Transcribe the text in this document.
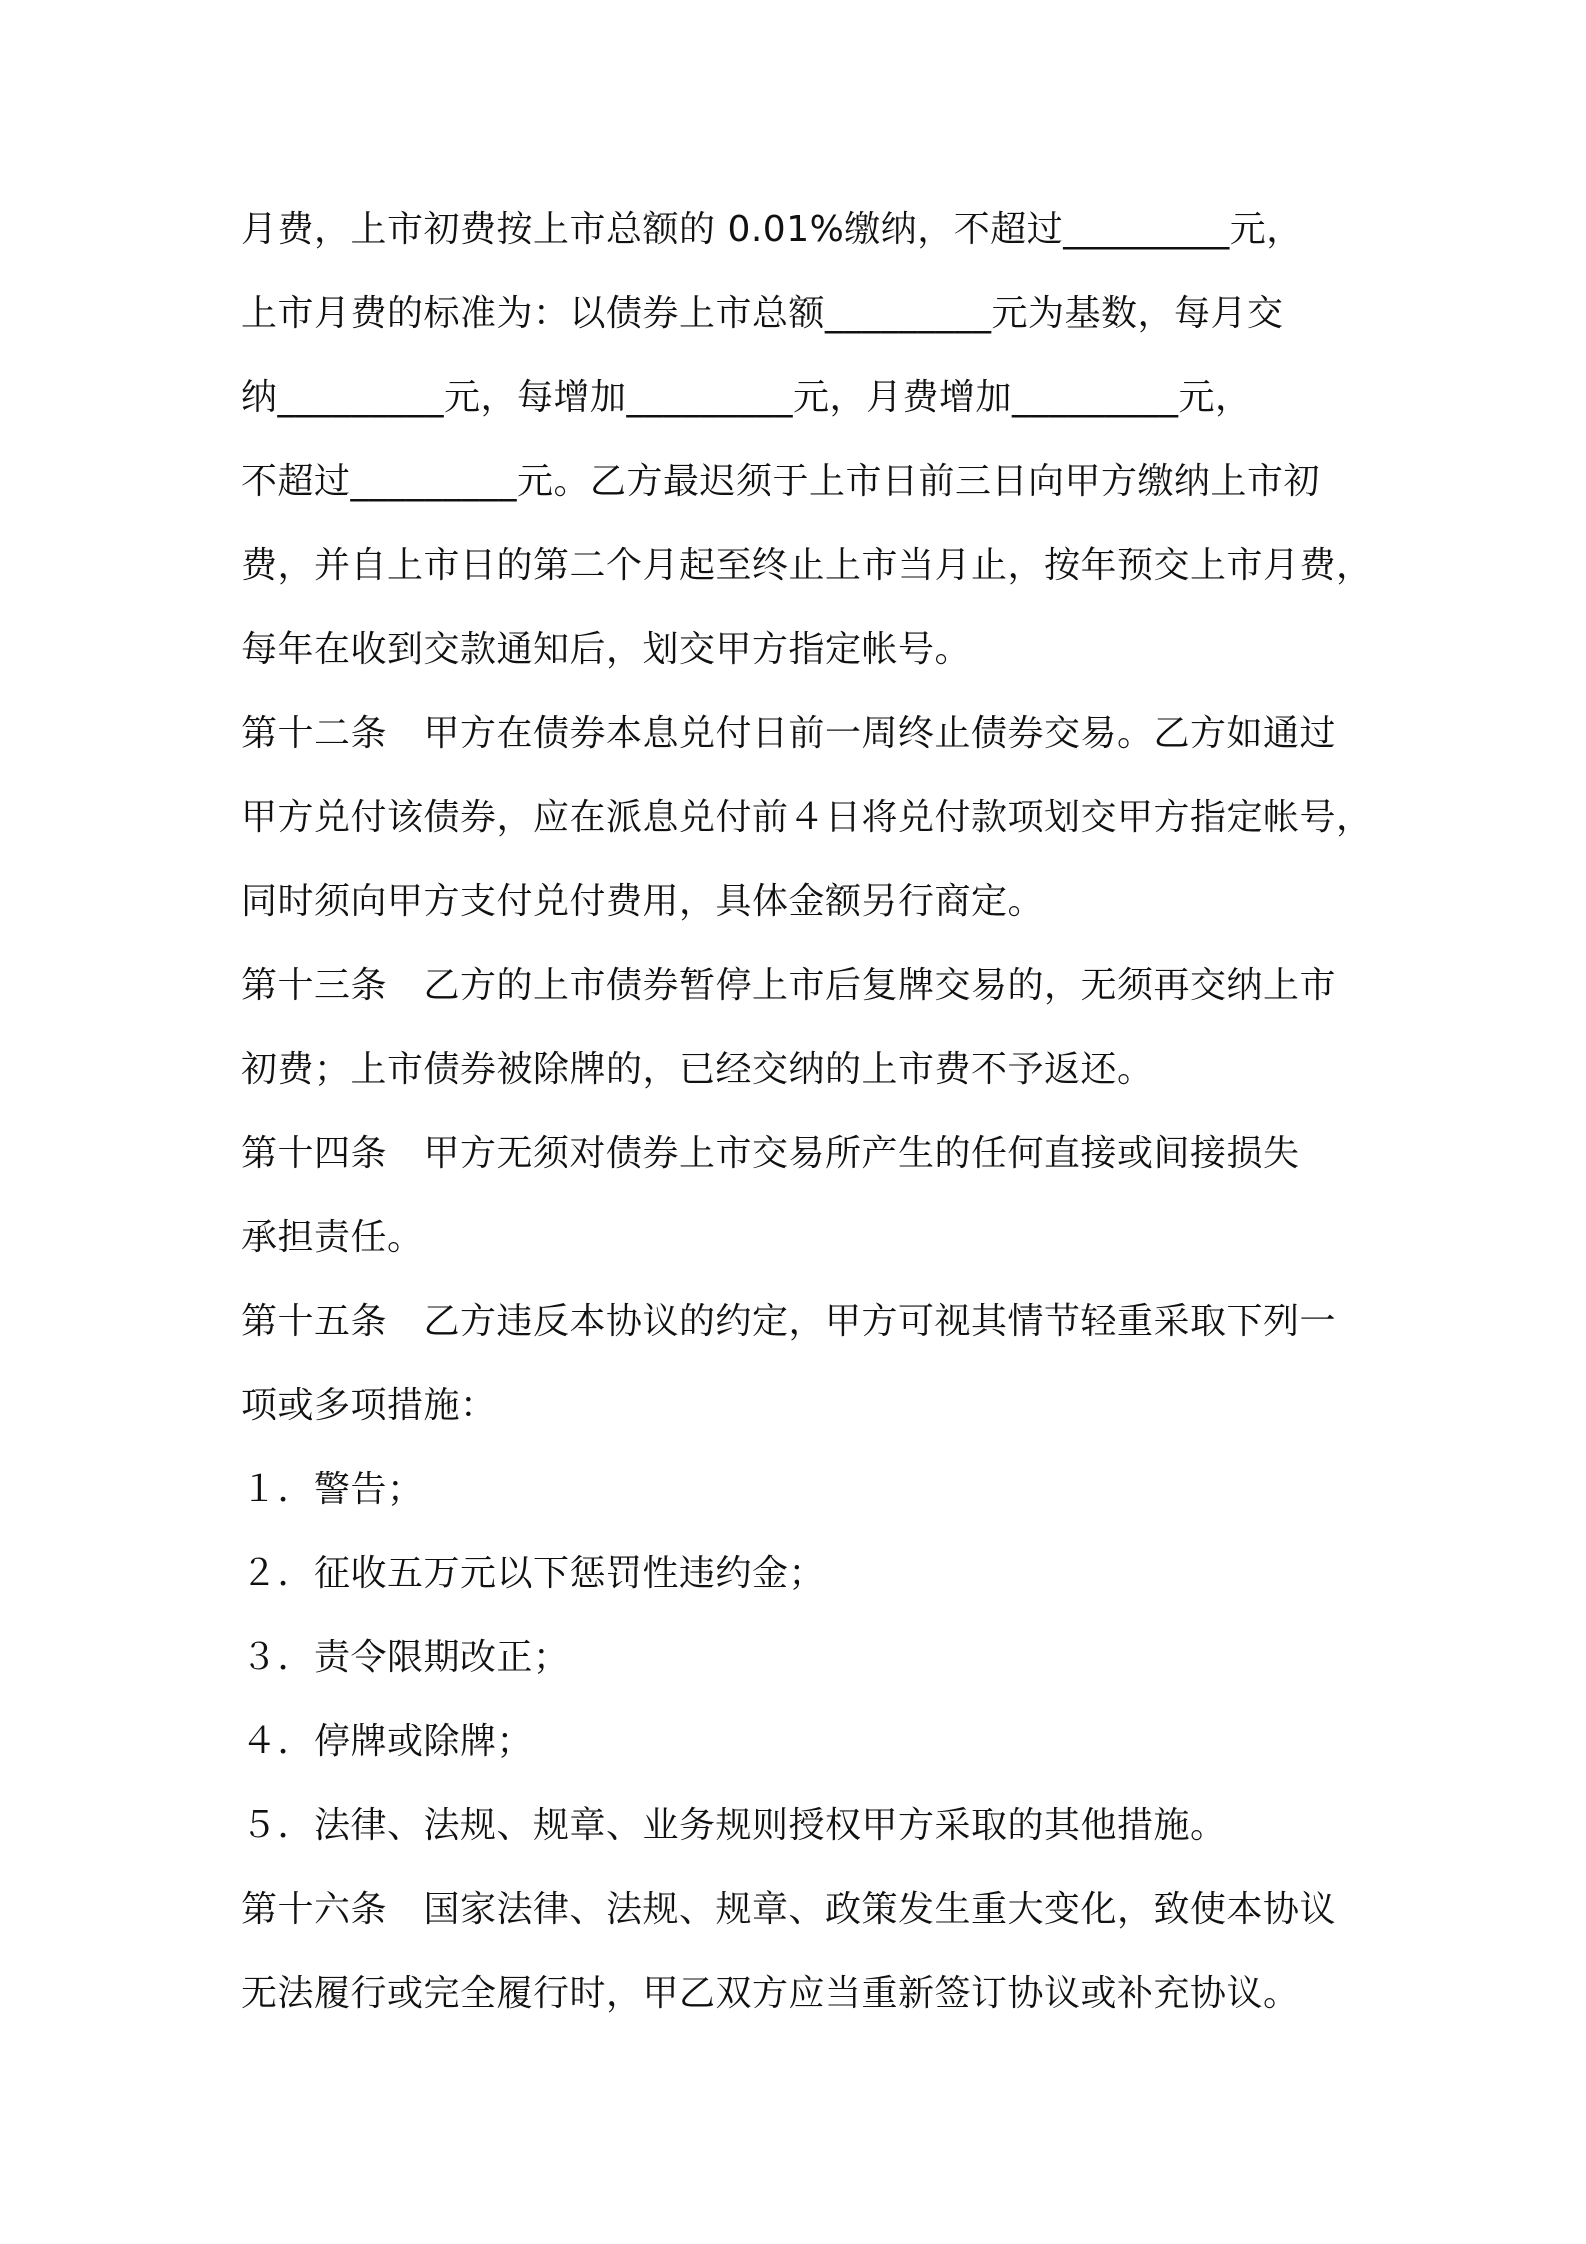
月费，上市初费按上市总额的 0.01%缴纳，不超过_________元，
上市月费的标准为：以债券上市总额_________元为基数，每月交
纳_________元，每增加_________元，月费增加_________元，
不超过_________元。乙方最迟须于上市日前三日向甲方缴纳上市初
费，并自上市日的第二个月起至终止上市当月止，按年预交上市月费，
每年在收到交款通知后，划交甲方指定帐号。
第十二条　甲方在债券本息兑付日前一周终止债券交易。乙方如通过
甲方兑付该债券，应在派息兑付前４日将兑付款项划交甲方指定帐号，
同时须向甲方支付兑付费用，具体金额另行商定。
第十三条　乙方的上市债券暂停上市后复牌交易的，无须再交纳上市
初费；上市债券被除牌的，已经交纳的上市费不予返还。
第十四条　甲方无须对债券上市交易所产生的任何直接或间接损失
承担责任。
第十五条　乙方违反本协议的约定，甲方可视其情节轻重采取下列一
项或多项措施：
１．警告；
２．征收五万元以下惩罚性违约金；
３．责令限期改正；
４．停牌或除牌；
５．法律、法规、规章、业务规则授权甲方采取的其他措施。
第十六条　国家法律、法规、规章、政策发生重大变化，致使本协议
无法履行或完全履行时，甲乙双方应当重新签订协议或补充协议。
